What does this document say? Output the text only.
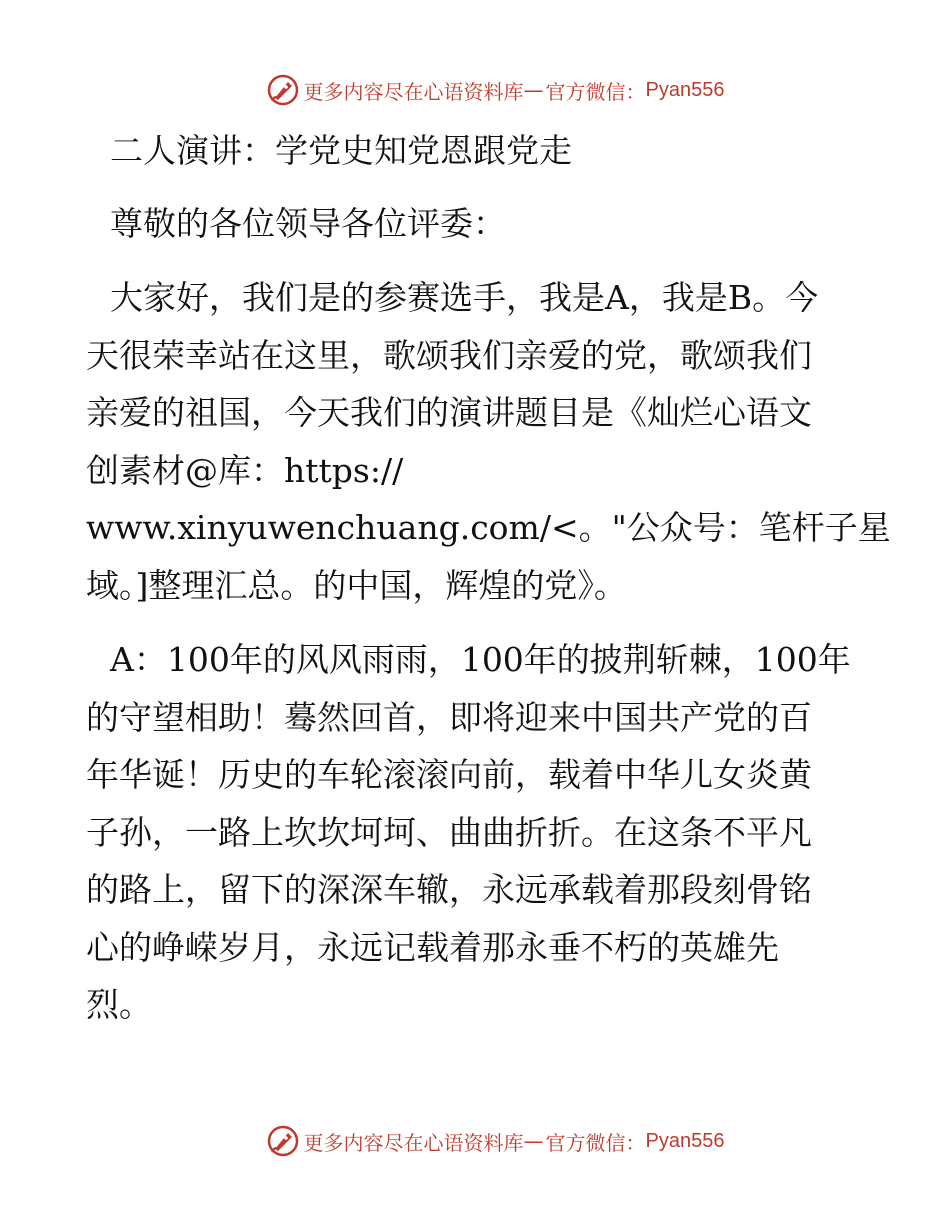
更多内容尽在心语资料库 — 官方微信： Pyan556

二人演讲：学党史知党恩跟党走

尊敬的各位领导各位评委：

大家好，我们是的参赛选手，我是A，我是B。今
天很荣幸站在这里，歌颂我们亲爱的党，歌颂我们
亲爱的祖国，今天我们的演讲题目是《灿烂心语文
创素材@库：https://
www.xinyuwenchuang.com/<。"公众号：笔杆子星
域。]整理汇总。的中国，辉煌的党》。

A：100年的风风雨雨，100年的披荆斩棘，100年
的守望相助！蓦然回首，即将迎来中国共产党的百
年华诞！历史的车轮滚滚向前，载着中华儿女炎黄
子孙，一路上坎坎坷坷、曲曲折折。在这条不平凡
的路上，留下的深深车辙，永远承载着那段刻骨铭
心的峥嵘岁月，永远记载着那永垂不朽的英雄先
烈。

更多内容尽在心语资料库 — 官方微信： Pyan556
